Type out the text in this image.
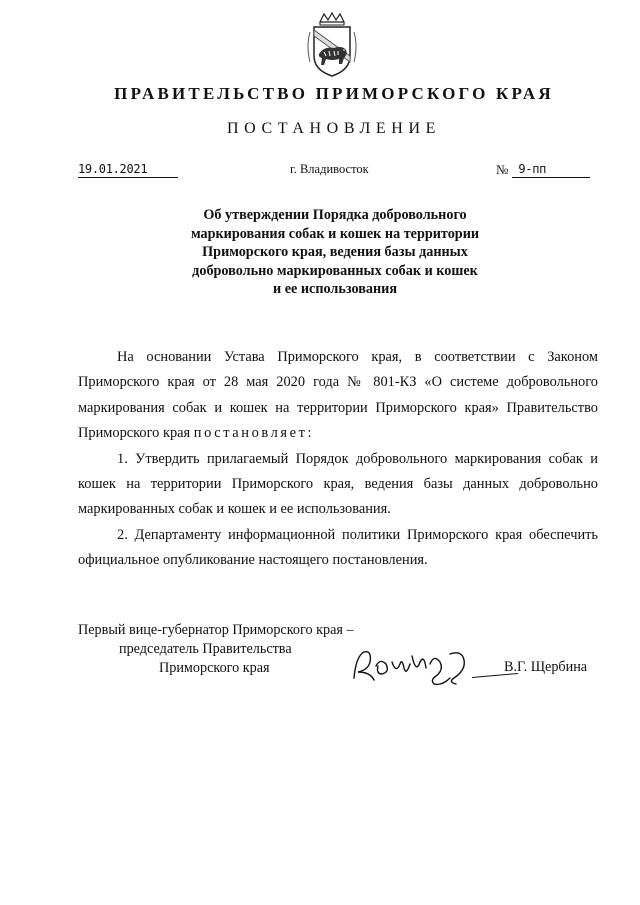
ПРАВИТЕЛЬСТВО ПРИМОРСКОГО КРАЯ
ПОСТАНОВЛЕНИЕ
19.01.2021	г. Владивосток	№ 9-пп
Об утверждении Порядка добровольного
маркирования собак и кошек на территории
Приморского края, ведения базы данных
добровольно маркированных собак и кошек
и ее использования

На основании Устава Приморского края, в соответствии с Законом Приморского края от 28 мая 2020 года № 801-КЗ «О системе добровольного маркирования собак и кошек на территории Приморского края» Правительство Приморского края постановляет:

1. Утвердить прилагаемый Порядок добровольного маркирования собак и кошек на территории Приморского края, ведения базы данных добровольно маркированных собак и кошек и ее использования.

2. Департаменту информационной политики Приморского края обеспечить официальное опубликование настоящего постановления.

Первый вице-губернатор Приморского края –
председатель Правительства
Приморского края	В.Г. Щербина
